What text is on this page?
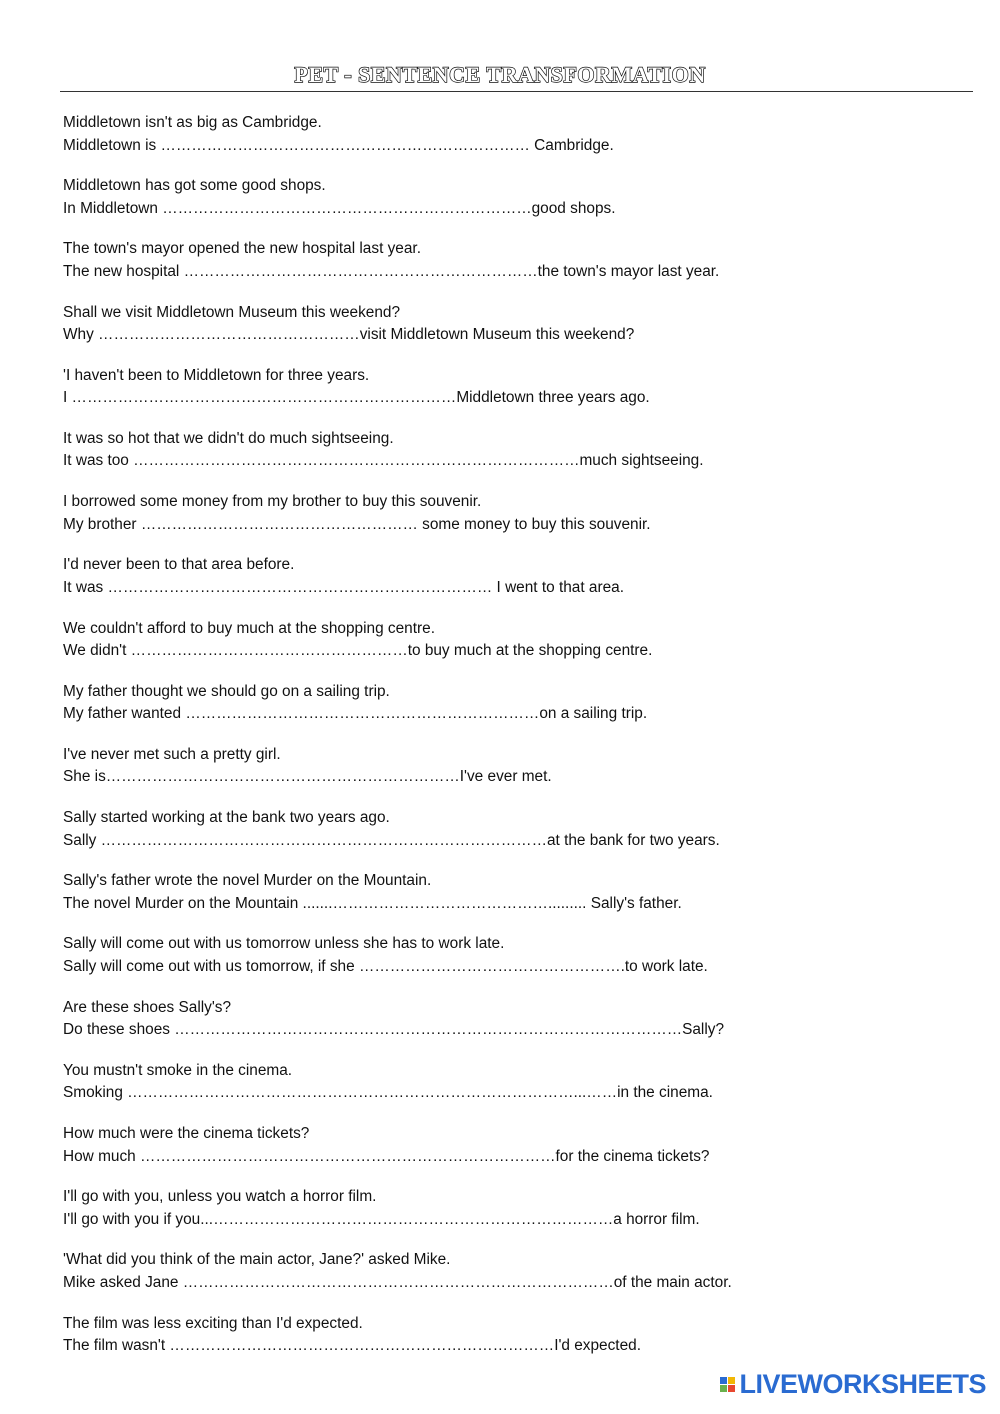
PET - SENTENCE TRANSFORMATION
Middletown isn't as big as Cambridge.
Middletown is ……………………………………………………………… Cambridge.
Middletown has got some good shops.
In Middletown ………………………………………………………………good shops.
The town's mayor opened the new hospital last year.
The new hospital ……………………………………………………………the town's mayor last year.
Shall we visit Middletown Museum this weekend?
Why ……………………………………………visit Middletown Museum this weekend?
'I haven't been to Middletown for three years.
I …………………………………………………………………Middletown three years ago.
It was so hot that we didn't do much sightseeing.
It was too ……………………………………………………………………………much sightseeing.
I borrowed some money from my brother to buy this souvenir.
My brother ……………………………………………… some money to buy this souvenir.
I'd never been to that area before.
It was ………………………………………………………………… I went to that area.
We couldn't afford to buy much at the shopping centre.
We didn't ………………………………………………to buy much at the shopping centre.
My father thought we should go on a sailing trip.
My father wanted ……………………………………………………………on a sailing trip.
I've never met such a pretty girl.
She is……………………………………………………………I've ever met.
Sally started working at the bank two years ago.
Sally ……………………………………………………………………………at the bank for two years.
Sally's father wrote the novel Murder on the Mountain.
The novel Murder on the Mountain .......……………………………………......... Sally's father.
Sally will come out with us tomorrow unless she has to work late.
Sally will come out with us tomorrow, if she …………………………………………….to work late.
Are these shoes Sally's?
Do these shoes ………………………………………………………………………………………Sally?
You mustn't smoke in the cinema.
Smoking ……………………………………………………………………………...……in the cinema.
How much were the cinema tickets?
How much ………………………………………………………………………for the cinema tickets?
I'll go with you, unless you watch a horror film.
I'll go with you if you...……………………………………………………………………a horror film.
'What did you think of the main actor, Jane?' asked Mike.
Mike asked Jane …………………………………………………………………………of the main actor.
The film was less exciting than I'd expected.
The film wasn't …………………………………………………………………I'd expected.
LIVEWORKSHEETS
